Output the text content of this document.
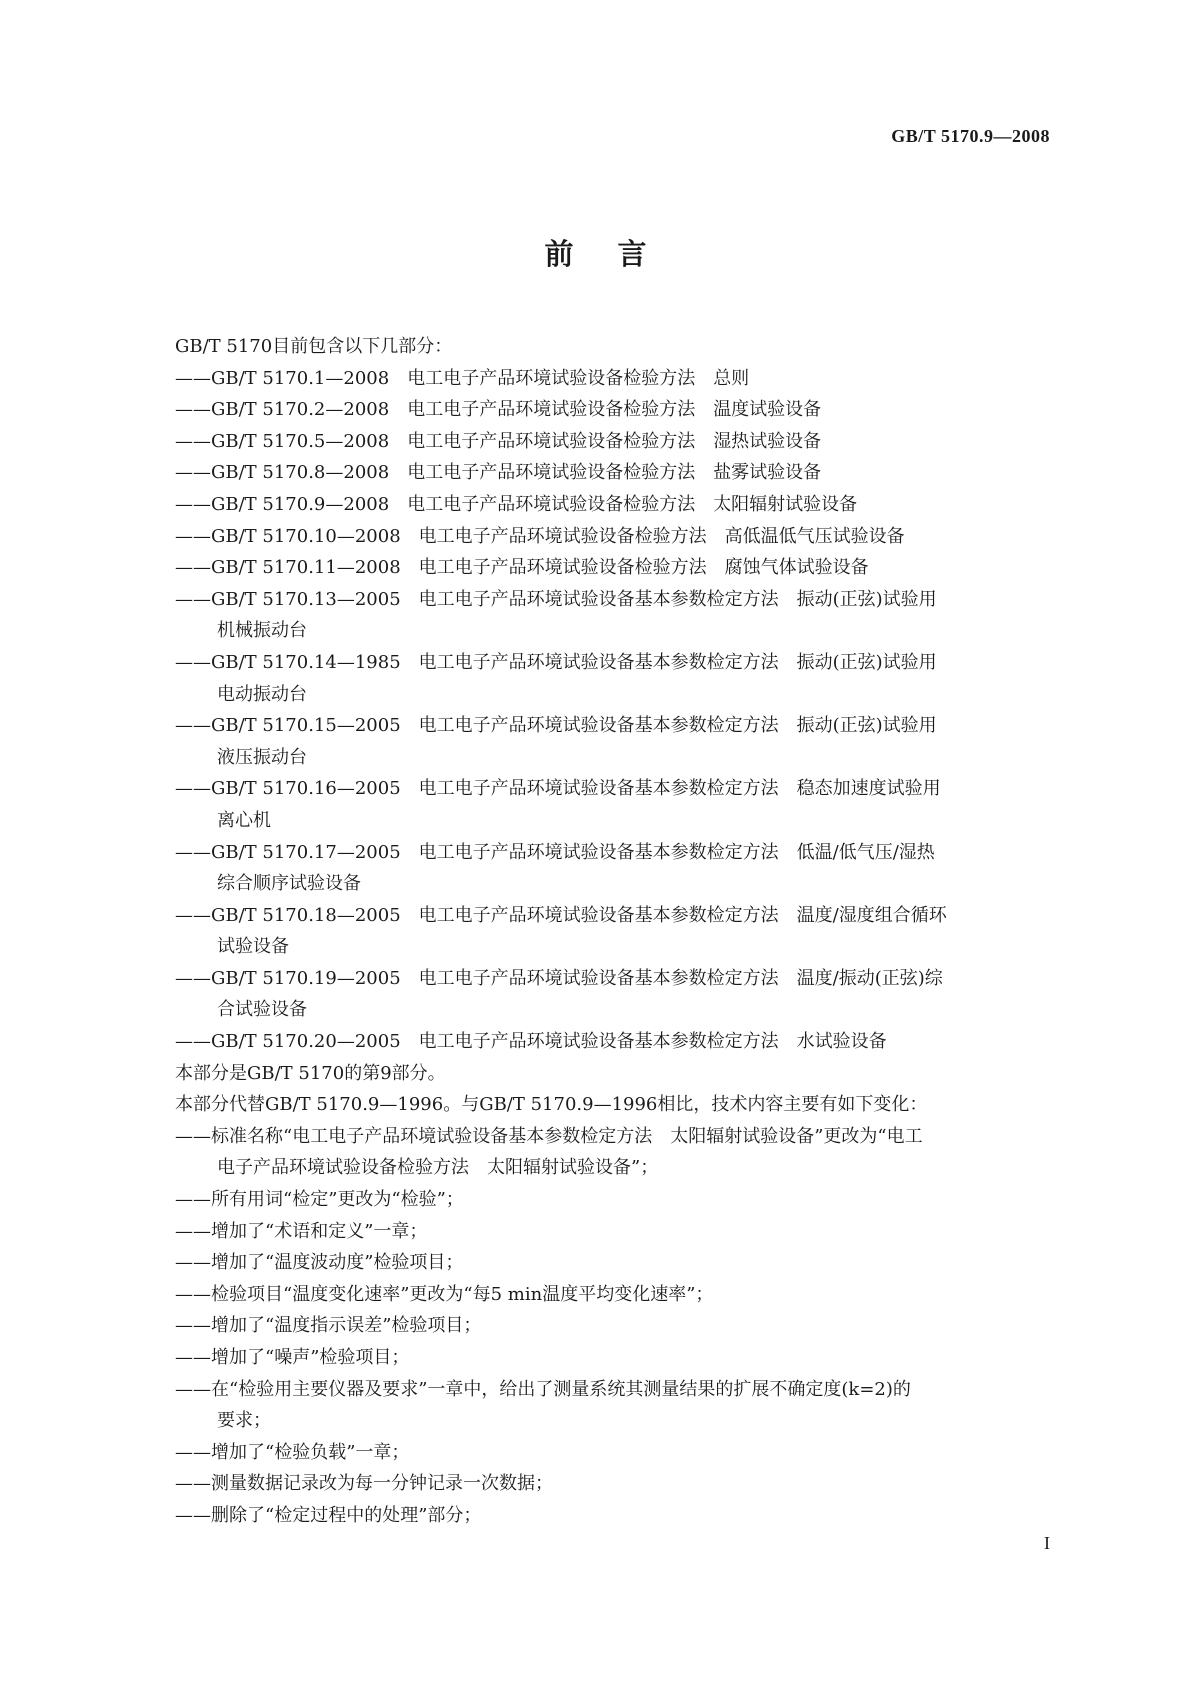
GB/T 5170.9—2008
前言
GB/T 5170目前包含以下几部分：
——GB/T 5170.1—2008　电工电子产品环境试验设备检验方法　总则
——GB/T 5170.2—2008　电工电子产品环境试验设备检验方法　温度试验设备
——GB/T 5170.5—2008　电工电子产品环境试验设备检验方法　湿热试验设备
——GB/T 5170.8—2008　电工电子产品环境试验设备检验方法　盐雾试验设备
——GB/T 5170.9—2008　电工电子产品环境试验设备检验方法　太阳辐射试验设备
——GB/T 5170.10—2008　电工电子产品环境试验设备检验方法　高低温低气压试验设备
——GB/T 5170.11—2008　电工电子产品环境试验设备检验方法　腐蚀气体试验设备
——GB/T 5170.13—2005　电工电子产品环境试验设备基本参数检定方法　振动(正弦)试验用
机械振动台
——GB/T 5170.14—1985　电工电子产品环境试验设备基本参数检定方法　振动(正弦)试验用
电动振动台
——GB/T 5170.15—2005　电工电子产品环境试验设备基本参数检定方法　振动(正弦)试验用
液压振动台
——GB/T 5170.16—2005　电工电子产品环境试验设备基本参数检定方法　稳态加速度试验用
离心机
——GB/T 5170.17—2005　电工电子产品环境试验设备基本参数检定方法　低温/低气压/湿热
综合顺序试验设备
——GB/T 5170.18—2005　电工电子产品环境试验设备基本参数检定方法　温度/湿度组合循环
试验设备
——GB/T 5170.19—2005　电工电子产品环境试验设备基本参数检定方法　温度/振动(正弦)综
合试验设备
——GB/T 5170.20—2005　电工电子产品环境试验设备基本参数检定方法　水试验设备
本部分是GB/T 5170的第9部分。
本部分代替GB/T 5170.9—1996。与GB/T 5170.9—1996相比，技术内容主要有如下变化：
——标准名称“电工电子产品环境试验设备基本参数检定方法　太阳辐射试验设备”更改为“电工
电子产品环境试验设备检验方法　太阳辐射试验设备”；
——所有用词“检定”更改为“检验”；
——增加了“术语和定义”一章；
——增加了“温度波动度”检验项目；
——检验项目“温度变化速率”更改为“每5 min温度平均变化速率”；
——增加了“温度指示误差”检验项目；
——增加了“噪声”检验项目；
——在“检验用主要仪器及要求”一章中，给出了测量系统其测量结果的扩展不确定度(k=2)的
要求；
——增加了“检验负载”一章；
——测量数据记录改为每一分钟记录一次数据；
——删除了“检定过程中的处理”部分；
I
